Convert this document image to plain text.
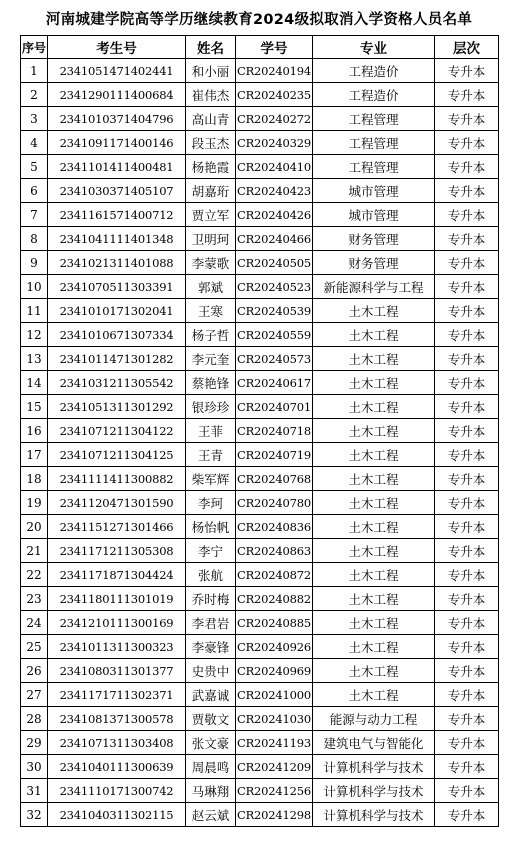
河南城建学院高等学历继续教育2024级拟取消入学资格人员名单
序号	考生号	姓名	学号	专业	层次
1	2341051471402441	和小丽	CR20240194	工程造价	专升本
2	2341290111400684	崔伟杰	CR20240235	工程造价	专升本
3	2341010371404796	高山青	CR20240272	工程管理	专升本
4	2341091171400146	段玉杰	CR20240329	工程管理	专升本
5	2341101411400481	杨艳霞	CR20240410	工程管理	专升本
6	2341030371405107	胡嘉珩	CR20240423	城市管理	专升本
7	2341161571400712	贾立军	CR20240426	城市管理	专升本
8	2341041111401348	卫明珂	CR20240466	财务管理	专升本
9	2341021311401088	李蒙歌	CR20240505	财务管理	专升本
10	2341070511303391	郭斌	CR20240523	新能源科学与工程	专升本
11	2341010171302041	王寒	CR20240539	土木工程	专升本
12	2341010671307334	杨子哲	CR20240559	土木工程	专升本
13	2341011471301282	李元奎	CR20240573	土木工程	专升本
14	2341031211305542	蔡艳锋	CR20240617	土木工程	专升本
15	2341051311301292	银珍珍	CR20240701	土木工程	专升本
16	2341071211304122	王菲	CR20240718	土木工程	专升本
17	2341071211304125	王青	CR20240719	土木工程	专升本
18	2341111411300882	柴军辉	CR20240768	土木工程	专升本
19	2341120471301590	李珂	CR20240780	土木工程	专升本
20	2341151271301466	杨怡帆	CR20240836	土木工程	专升本
21	2341171211305308	李宁	CR20240863	土木工程	专升本
22	2341171871304424	张航	CR20240872	土木工程	专升本
23	2341180111301019	乔时梅	CR20240882	土木工程	专升本
24	2341210111300169	李君岩	CR20240885	土木工程	专升本
25	2341011311300323	李豪锋	CR20240926	土木工程	专升本
26	2341080311301377	史贵中	CR20240969	土木工程	专升本
27	2341171711302371	武嘉诚	CR20241000	土木工程	专升本
28	2341081371300578	贾敬文	CR20241030	能源与动力工程	专升本
29	2341071311303408	张文豪	CR20241193	建筑电气与智能化	专升本
30	2341040111300639	周晨鸣	CR20241209	计算机科学与技术	专升本
31	2341110171300742	马琳翔	CR20241256	计算机科学与技术	专升本
32	2341040311302115	赵云斌	CR20241298	计算机科学与技术	专升本
